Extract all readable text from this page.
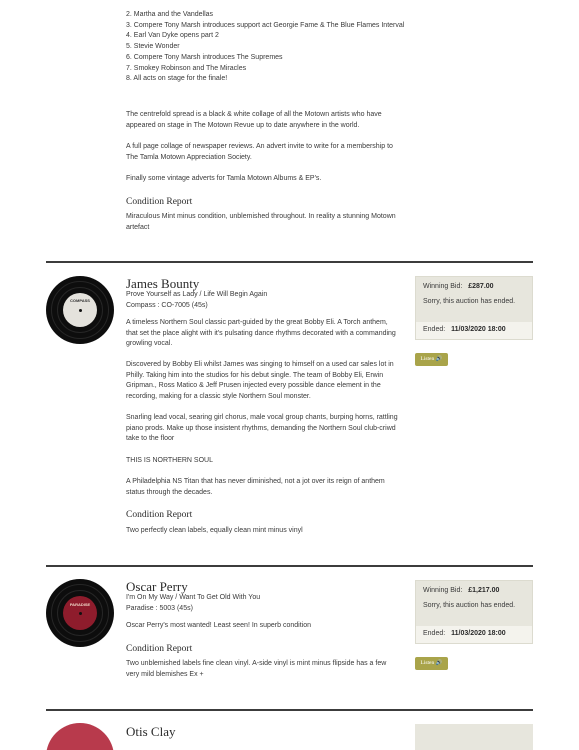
2. Martha and the Vandellas

3. Compere Tony Marsh introduces support act Georgie Fame & The Blue Flames Interval

4. Earl Van Dyke opens part 2

5. Stevie Wonder

6. Compere Tony Marsh introduces The Supremes

7. Smokey Robinson and The Miracles

8. All acts on stage for the finale!

The centrefold spread is a black & white collage of all the Motown artists who have appeared on stage in The Motown Revue up to date anywhere in the world.

A full page collage of newspaper reviews. An advert invite to write for a membership to The Tamla Motown Appreciation Society.

Finally some vintage adverts for Tamla Motown Albums & EP's.

Condition Report

Miraculous Mint minus condition, unblemished throughout. In reality a stunning Motown artefact

COMPASS
James Bounty
Prove Yourself as Lady / Life Will Begin Again
Compass : CO-7005 (45s)

A timeless Northern Soul classic part-guided by the great Bobby Eli. A Torch anthem, that set the place alight with it's pulsating dance rhythms decorated with a commanding growling vocal.

Discovered by Bobby Eli whilst James was singing to himself on a used car sales lot in Philly. Taking him into the studios for his debut single. The team of Bobby Eli, Erwin Gripman., Ross Matico & Jeff Prusen injected every possible dance element in the recording, making for a classic style Northern Soul monster.

Snarling lead vocal, searing girl chorus, male vocal group chants, burping horns, rattling piano prods. Make up those insistent rhythms, demanding the Northern Soul club-criwd take to the floor

THIS IS NORTHERN SOUL

A Philadelphia NS Titan that has never diminished, not a jot over its reign of anthem status through the decades.

Condition Report

Two perfectly clean labels, equally clean mint minus vinyl

Winning Bid: £287.00
Sorry, this auction has ended.
Ended: 11/03/2020 18:00
Listen 🔊
PARADISE
Oscar Perry
I'm On My Way / Want To Get Old With You
Paradise : 5003 (45s)

Oscar Perry's most wanted! Least seen! In superb condition

Condition Report

Two unblemished labels fine clean vinyl. A-side vinyl is mint minus flipside has a few very mild blemishes Ex +

Winning Bid: £1,217.00
Sorry, this auction has ended.
Ended: 11/03/2020 18:00
Listen 🔊
Otis Clay
